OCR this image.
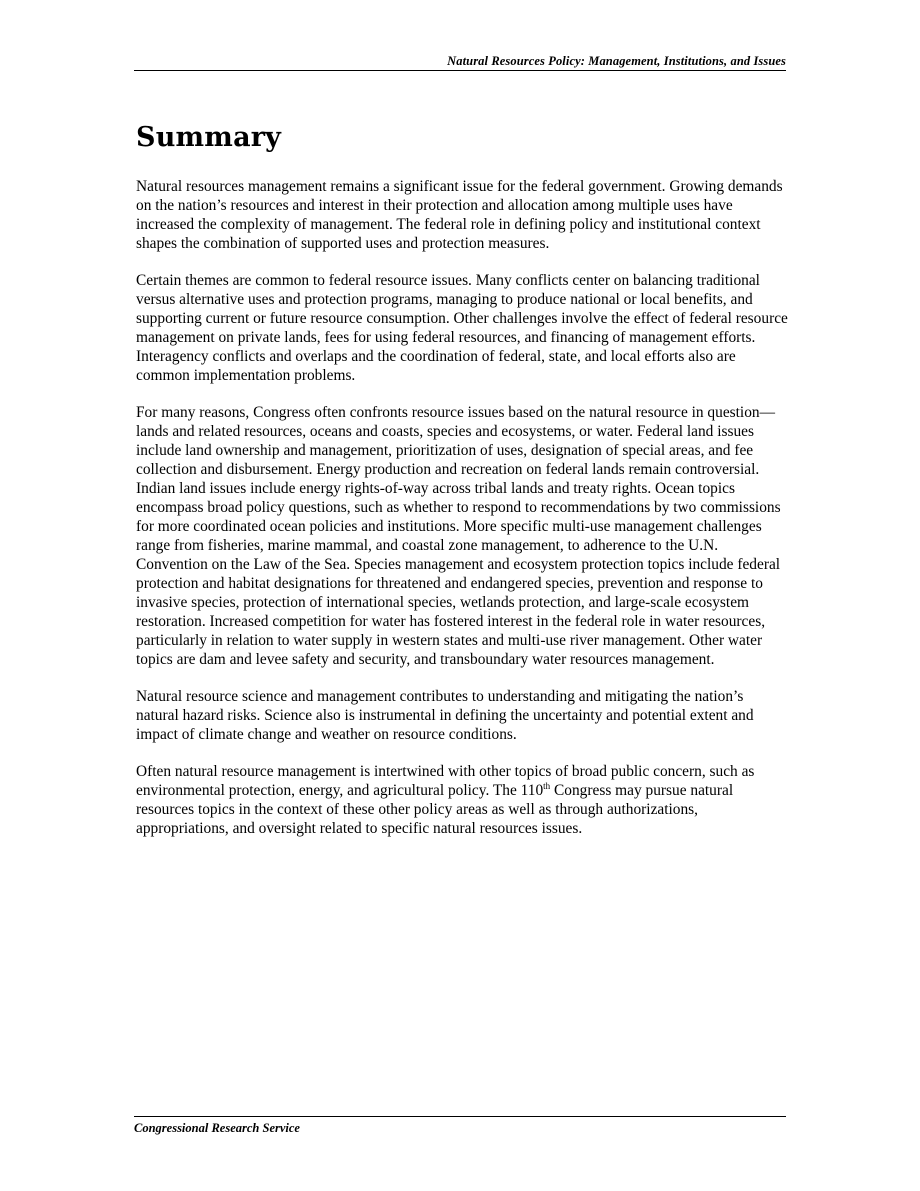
Natural Resources Policy: Management, Institutions, and Issues
Summary

Natural resources management remains a significant issue for the federal government. Growing demands on the nation’s resources and interest in their protection and allocation among multiple uses have increased the complexity of management. The federal role in defining policy and institutional context shapes the combination of supported uses and protection measures.

Certain themes are common to federal resource issues. Many conflicts center on balancing traditional versus alternative uses and protection programs, managing to produce national or local benefits, and supporting current or future resource consumption. Other challenges involve the effect of federal resource management on private lands, fees for using federal resources, and financing of management efforts. Interagency conflicts and overlaps and the coordination of federal, state, and local efforts also are common implementation problems.

For many reasons, Congress often confronts resource issues based on the natural resource in question—lands and related resources, oceans and coasts, species and ecosystems, or water. Federal land issues include land ownership and management, prioritization of uses, designation of special areas, and fee collection and disbursement. Energy production and recreation on federal lands remain controversial. Indian land issues include energy rights-of-way across tribal lands and treaty rights. Ocean topics encompass broad policy questions, such as whether to respond to recommendations by two commissions for more coordinated ocean policies and institutions. More specific multi-use management challenges range from fisheries, marine mammal, and coastal zone management, to adherence to the U.N. Convention on the Law of the Sea. Species management and ecosystem protection topics include federal protection and habitat designations for threatened and endangered species, prevention and response to invasive species, protection of international species, wetlands protection, and large-scale ecosystem restoration. Increased competition for water has fostered interest in the federal role in water resources, particularly in relation to water supply in western states and multi-use river management. Other water topics are dam and levee safety and security, and transboundary water resources management.

Natural resource science and management contributes to understanding and mitigating the nation’s natural hazard risks. Science also is instrumental in defining the uncertainty and potential extent and impact of climate change and weather on resource conditions.

Often natural resource management is intertwined with other topics of broad public concern, such as environmental protection, energy, and agricultural policy. The 110th Congress may pursue natural resources topics in the context of these other policy areas as well as through authorizations, appropriations, and oversight related to specific natural resources issues.

Congressional Research Service
